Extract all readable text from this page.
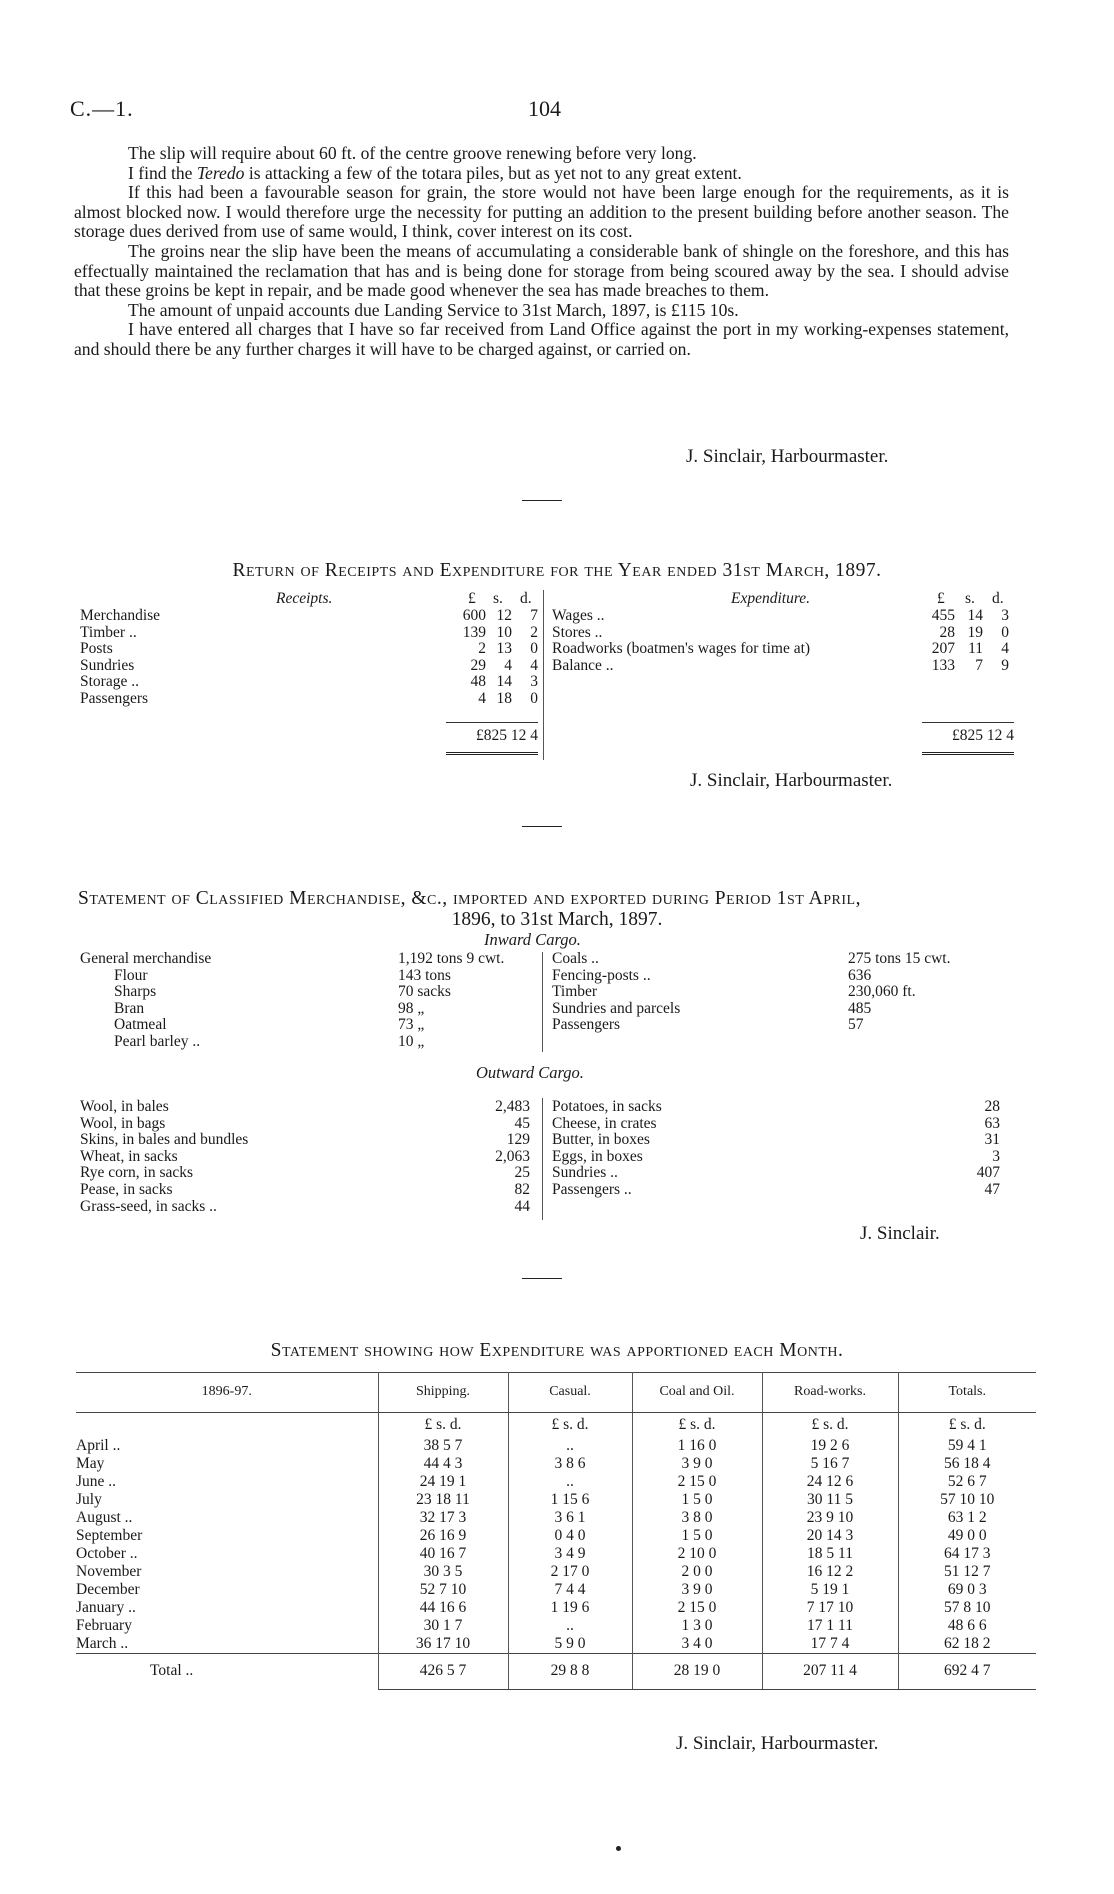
C.—1.	104

The slip will require about 60 ft. of the centre groove renewing before very long.

I find the Teredo is attacking a few of the totara piles, but as yet not to any great extent.

If this had been a favourable season for grain, the store would not have been large enough for the requirements, as it is almost blocked now. I would therefore urge the necessity for putting an addition to the present building before another season. The storage dues derived from use of same would, I think, cover interest on its cost.

The groins near the slip have been the means of accumulating a considerable bank of shingle on the foreshore, and this has effectually maintained the reclamation that has and is being done for storage from being scoured away by the sea. I should advise that these groins be kept in repair, and be made good whenever the sea has made breaches to them.

The amount of unpaid accounts due Landing Service to 31st March, 1897, is £115 10s.

I have entered all charges that I have so far received from Land Office against the port in my working-expenses statement, and should there be any further charges it will have to be charged against, or carried on.

J. Sinclair, Harbourmaster.
Return of Receipts and Expenditure for the Year ended 31st March, 1897.
Receipts.	Expenditure.
£ s. d.	£ s. d.
Merchandise	600 12 7
Timber ..	139 10 2
Posts	2 13 0
Sundries	29 4 4
Storage ..	48 14 3
Passengers	4 18 0
Wages ..	455 14 3
Stores ..	28 19 0
Roadworks (boatmen's wages for time at)	207 11 4
Balance ..	133 7 9
£825 12 4	£825 12 4
J. Sinclair, Harbourmaster.
Statement of Classified Merchandise, &c., imported and exported during Period 1st April,
1896, to 31st March, 1897.
Inward Cargo.
General merchandise	1,192 tons 9 cwt.
Flour	143 tons
Sharps	70 sacks
Bran	98 „
Oatmeal	73 „
Pearl barley ..	10 „
Coals ..	275 tons 15 cwt.
Fencing-posts ..	636
Timber	230,060 ft.
Sundries and parcels	485
Passengers	57
Outward Cargo.
Wool, in bales	2,483
Wool, in bags	45
Skins, in bales and bundles	129
Wheat, in sacks	2,063
Rye corn, in sacks	25
Pease, in sacks	82
Grass-seed, in sacks ..	44
Potatoes, in sacks	28
Cheese, in crates	63
Butter, in boxes	31
Eggs, in boxes	3
Sundries ..	407
Passengers ..	47
J. Sinclair.
Statement showing how Expenditure was apportioned each Month.
1896-97.	Shipping.	Casual.	Coal and Oil.	Road-works.	Totals.
	£ s. d.	£ s. d.	£ s. d.	£ s. d.	£ s. d.
April ..	38 5 7	..	1 16 0	19 2 6	59 4 1
May	44 4 3	3 8 6	3 9 0	5 16 7	56 18 4
June ..	24 19 1	..	2 15 0	24 12 6	52 6 7
July	23 18 11	1 15 6	1 5 0	30 11 5	57 10 10
August ..	32 17 3	3 6 1	3 8 0	23 9 10	63 1 2
September	26 16 9	0 4 0	1 5 0	20 14 3	49 0 0
October ..	40 16 7	3 4 9	2 10 0	18 5 11	64 17 3
November	30 3 5	2 17 0	2 0 0	16 12 2	51 12 7
December	52 7 10	7 4 4	3 9 0	5 19 1	69 0 3
January ..	44 16 6	1 19 6	2 15 0	7 17 10	57 8 10
February	30 1 7	..	1 3 0	17 1 11	48 6 6
March ..	36 17 10	5 9 0	3 4 0	17 7 4	62 18 2
Total ..	426 5 7	29 8 8	28 19 0	207 11 4	692 4 7
J. Sinclair, Harbourmaster.
